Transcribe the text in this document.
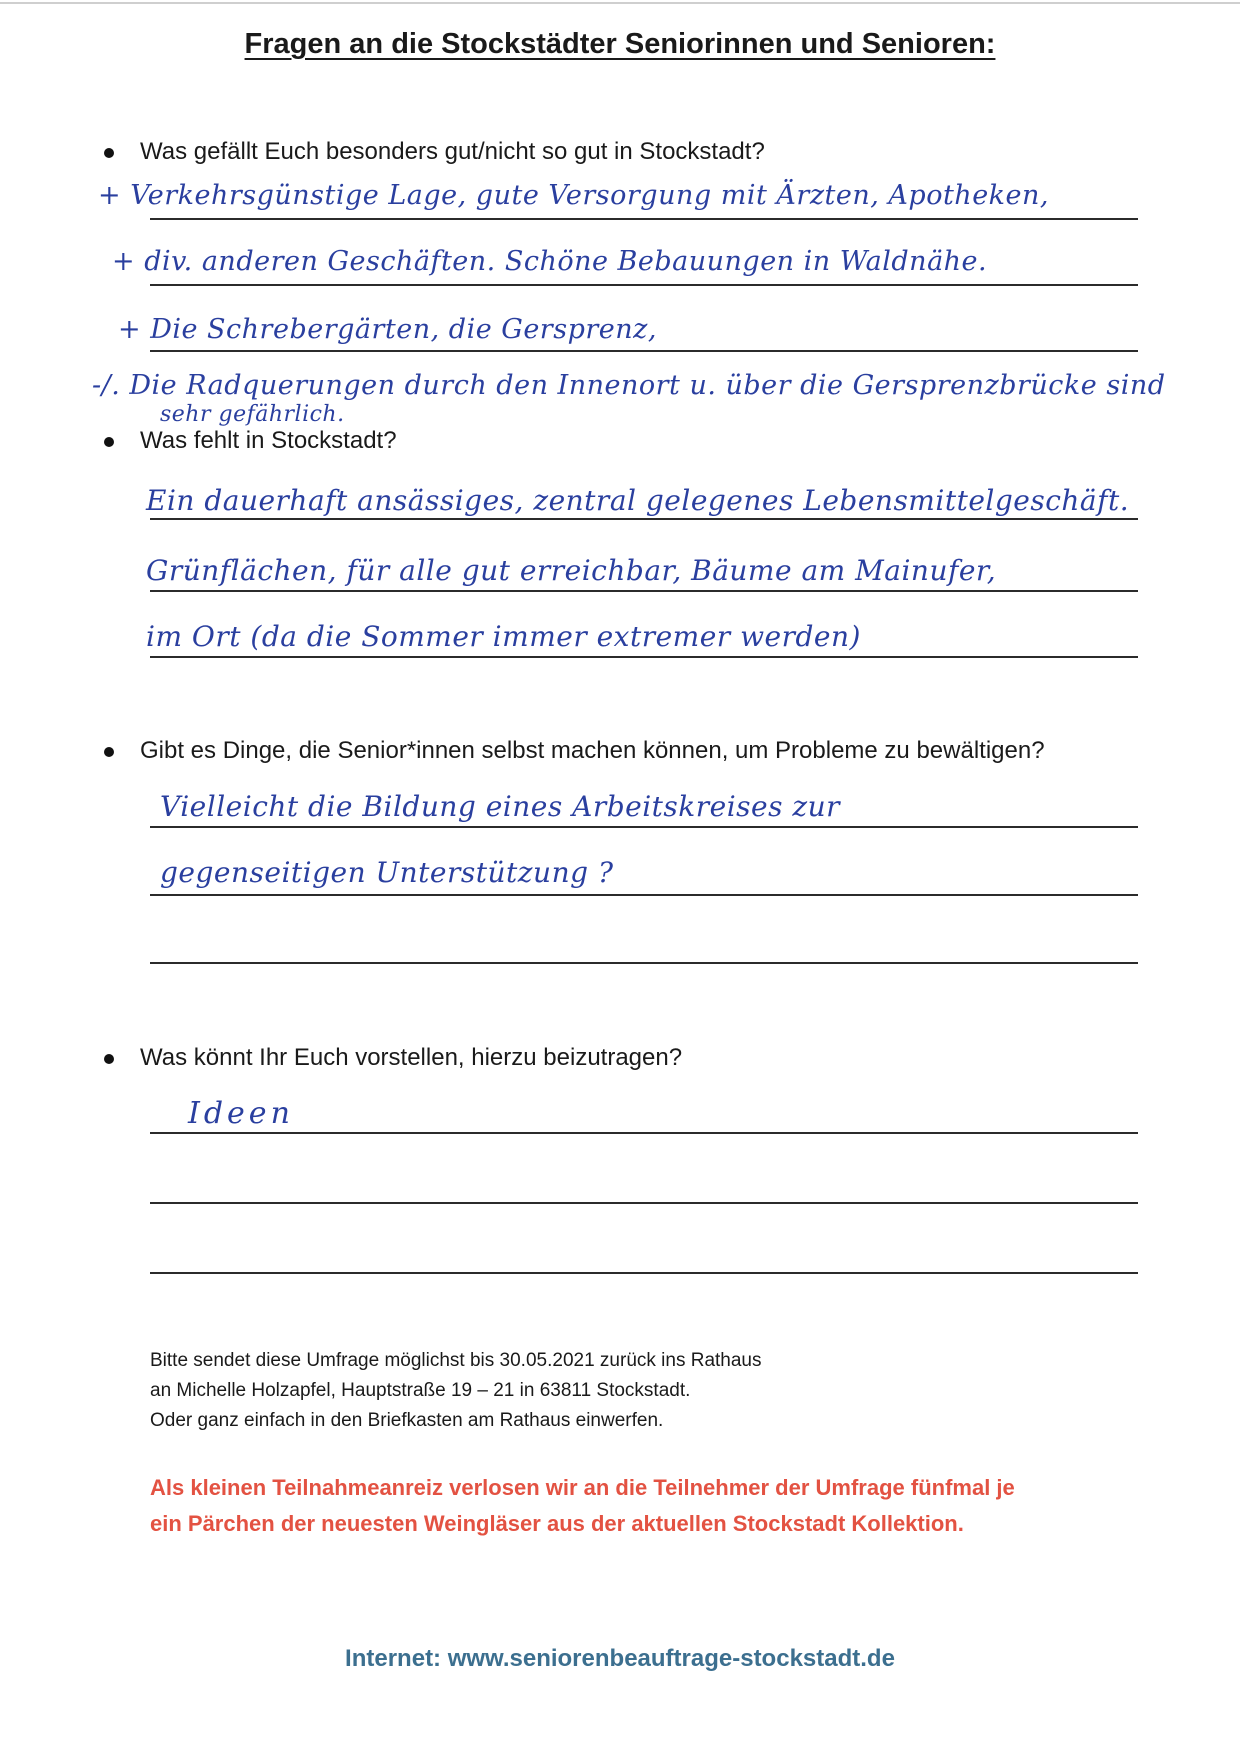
Fragen an die Stockstädter Seniorinnen und Senioren:
Was gefällt Euch besonders gut/nicht so gut in Stockstadt?
+ Verkehrsgünstige Lage, gute Versorgung mit Ärzten, Apotheken,
+ div. anderen Geschäften. Schöne Bebauungen in Waldnähe.
+ Die Schrebergärten, die Gersprenz,
-/. Die Radquerungen durch den Innenort u. über die Gersprenzbrücke sind
sehr gefährlich.
Was fehlt in Stockstadt?
Ein dauerhaft ansässiges, zentral gelegenes Lebensmittelgeschäft.
Grünflächen, für alle gut erreichbar, Bäume am Mainufer,
im Ort (da die Sommer immer extremer werden)
Gibt es Dinge, die Senior*innen selbst machen können, um Probleme zu bewältigen?
Vielleicht die Bildung eines Arbeitskreises zur
gegenseitigen Unterstützung ?
Was könnt Ihr Euch vorstellen, hierzu beizutragen?
Ideen
Bitte sendet diese Umfrage möglichst bis 30.05.2021 zurück ins Rathaus
an Michelle Holzapfel, Hauptstraße 19 – 21 in 63811 Stockstadt.
Oder ganz einfach in den Briefkasten am Rathaus einwerfen.
Als kleinen Teilnahmeanreiz verlosen wir an die Teilnehmer der Umfrage fünfmal je
ein Pärchen der neuesten Weingläser aus der aktuellen Stockstadt Kollektion.
Internet: www.seniorenbeauftrage-stockstadt.de
